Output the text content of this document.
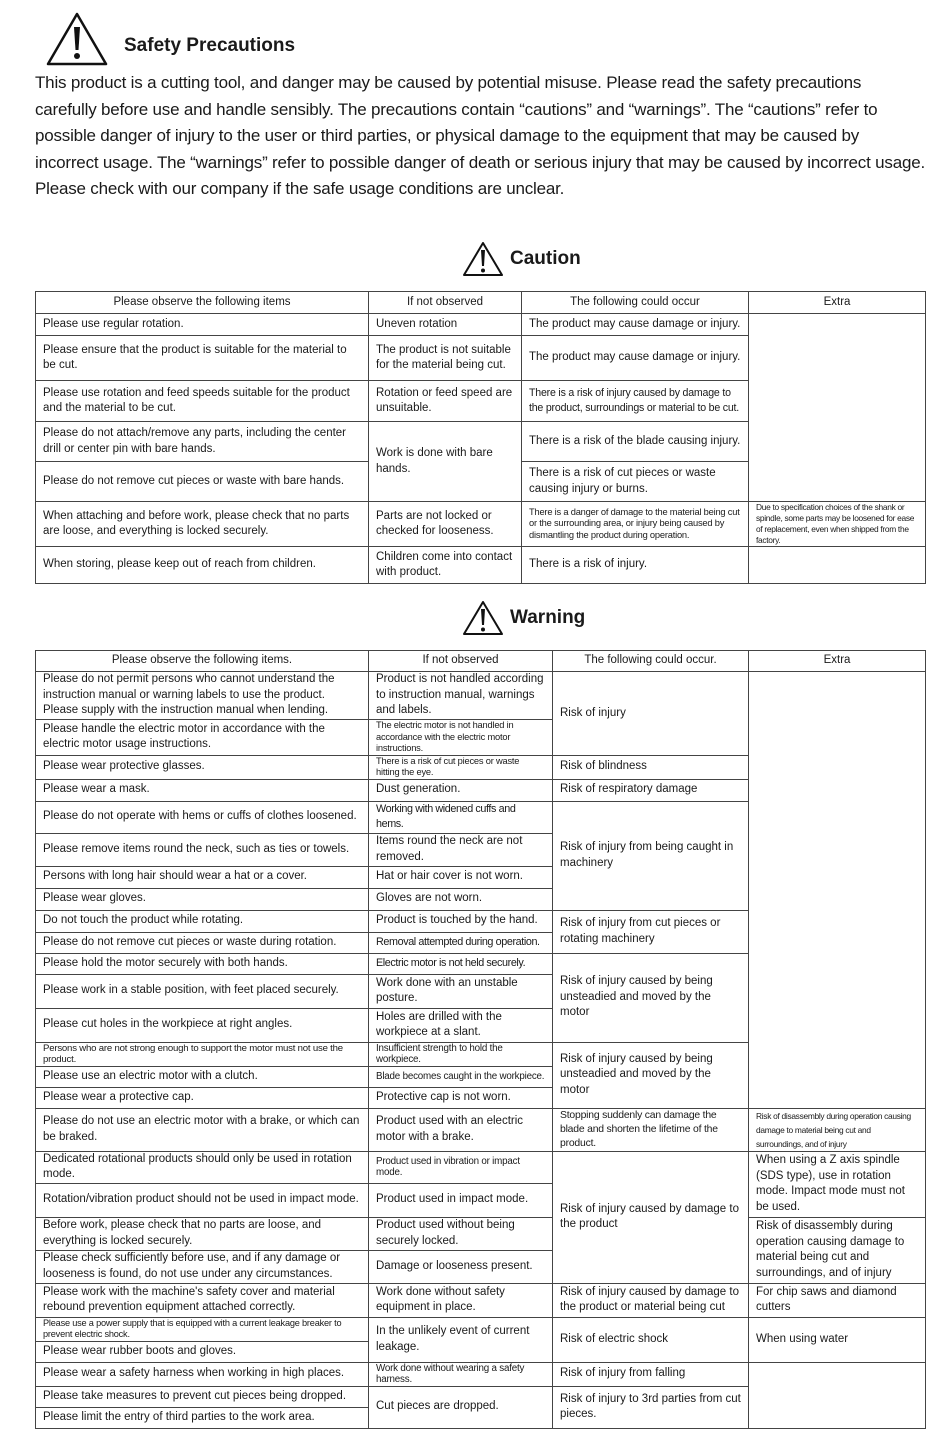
Safety Precautions

This product is a cutting tool, and danger may be caused by potential misuse. Please read the safety precautions carefully before use and handle sensibly. The precautions contain “cautions” and “warnings”. The “cautions” refer to possible danger of injury to the user or third parties, or physical damage to the equipment that may be caused by incorrect usage. The “warnings” refer to possible danger of death or serious injury that may be caused by incorrect usage. Please check with our company if the safe usage conditions are unclear.

Caution
Please observe the following items	If not observed	The following could occur	Extra
Please use regular rotation.	Uneven rotation	The product may cause damage or injury.	
Please ensure that the product is suitable for the material to be cut.	The product is not suitable for the material being cut.	The product may cause damage or injury.	
Please use rotation and feed speeds suitable for the product and the material to be cut.	Rotation or feed speed are unsuitable.	There is a risk of injury caused by damage to the product, surroundings or material to be cut.	
Please do not attach/remove any parts, including the center drill or center pin with bare hands.	Work is done with bare hands.	There is a risk of the blade causing injury.	
Please do not remove cut pieces or waste with bare hands.		There is a risk of cut pieces or waste causing injury or burns.	
When attaching and before work, please check that no parts are loose, and everything is locked securely.	Parts are not locked or checked for looseness.	There is a danger of damage to the material being cut or the surrounding area, or injury being caused by dismantling the product during operation.	Due to specification choices of the shank or spindle, some parts may be loosened for ease of replacement, even when shipped from the factory.
When storing, please keep out of reach from children.	Children come into contact with product.	There is a risk of injury.	
Warning
Please observe the following items.	If not observed	The following could occur.	Extra
Please do not permit persons who cannot understand the instruction manual or warning labels to use the product. Please supply with the instruction manual when lending.	Product is not handled according to instruction manual, warnings and labels.	Risk of injury	
Please handle the electric motor in accordance with the electric motor usage instructions.	The electric motor is not handled in accordance with the electric motor instructions.		
Please wear protective glasses.	There is a risk of cut pieces or waste hitting the eye.	Risk of blindness	
Please wear a mask.	Dust generation.	Risk of respiratory damage	
Please do not operate with hems or cuffs of clothes loosened.	Working with widened cuffs and hems.	Risk of injury from being caught in machinery	
Please remove items round the neck, such as ties or towels.	Items round the neck are not removed.		
Persons with long hair should wear a hat or a cover.	Hat or hair cover is not worn.		
Please wear gloves.	Gloves are not worn.		
Do not touch the product while rotating.	Product is touched by the hand.	Risk of injury from cut pieces or rotating machinery	
Please do not remove cut pieces or waste during rotation.	Removal attempted during operation.		
Please hold the motor securely with both hands.	Electric motor is not held securely.	Risk of injury caused by being unsteadied and moved by the motor	
Please work in a stable position, with feet placed securely.	Work done with an unstable posture.		
Please cut holes in the workpiece at right angles.	Holes are drilled with the workpiece at a slant.		
Persons who are not strong enough to support the motor must not use the product.	Insufficient strength to hold the workpiece.	Risk of injury caused by being unsteadied and moved by the motor	
Please use an electric motor with a clutch.	Blade becomes caught in the workpiece.		
Please wear a protective cap.	Protective cap is not worn.		
Please do not use an electric motor with a brake, or which can be braked.	Product used with an electric motor with a brake.	Stopping suddenly can damage the blade and shorten the lifetime of the product.	Risk of disassembly during operation causing damage to material being cut and surroundings, and of injury
Dedicated rotational products should only be used in rotation mode.	Product used in vibration or impact mode.	Risk of injury caused by damage to the product	When using a Z axis spindle (SDS type), use in rotation mode. Impact mode must not be used.
Rotation/vibration product should not be used in impact mode.	Product used in impact mode.		
Before work, please check that no parts are loose, and everything is locked securely.	Product used without being securely locked.		Risk of disassembly during operation causing damage to material being cut and surroundings, and of injury
Please check sufficiently before use, and if any damage or looseness is found, do not use under any circumstances.	Damage or looseness present.		
Please work with the machine's safety cover and material rebound prevention equipment attached correctly.	Work done without safety equipment in place.	Risk of injury caused by damage to the product or material being cut	For chip saws and diamond cutters
Please use a power supply that is equipped with a current leakage breaker to prevent electric shock.	In the unlikely event of current leakage.	Risk of electric shock	When using water
Please wear rubber boots and gloves.			
Please wear a safety harness when working in high places.	Work done without wearing a safety harness.	Risk of injury from falling	
Please take measures to prevent cut pieces being dropped.	Cut pieces are dropped.	Risk of injury to 3rd parties from cut pieces.	
Please limit the entry of third parties to the work area.			
